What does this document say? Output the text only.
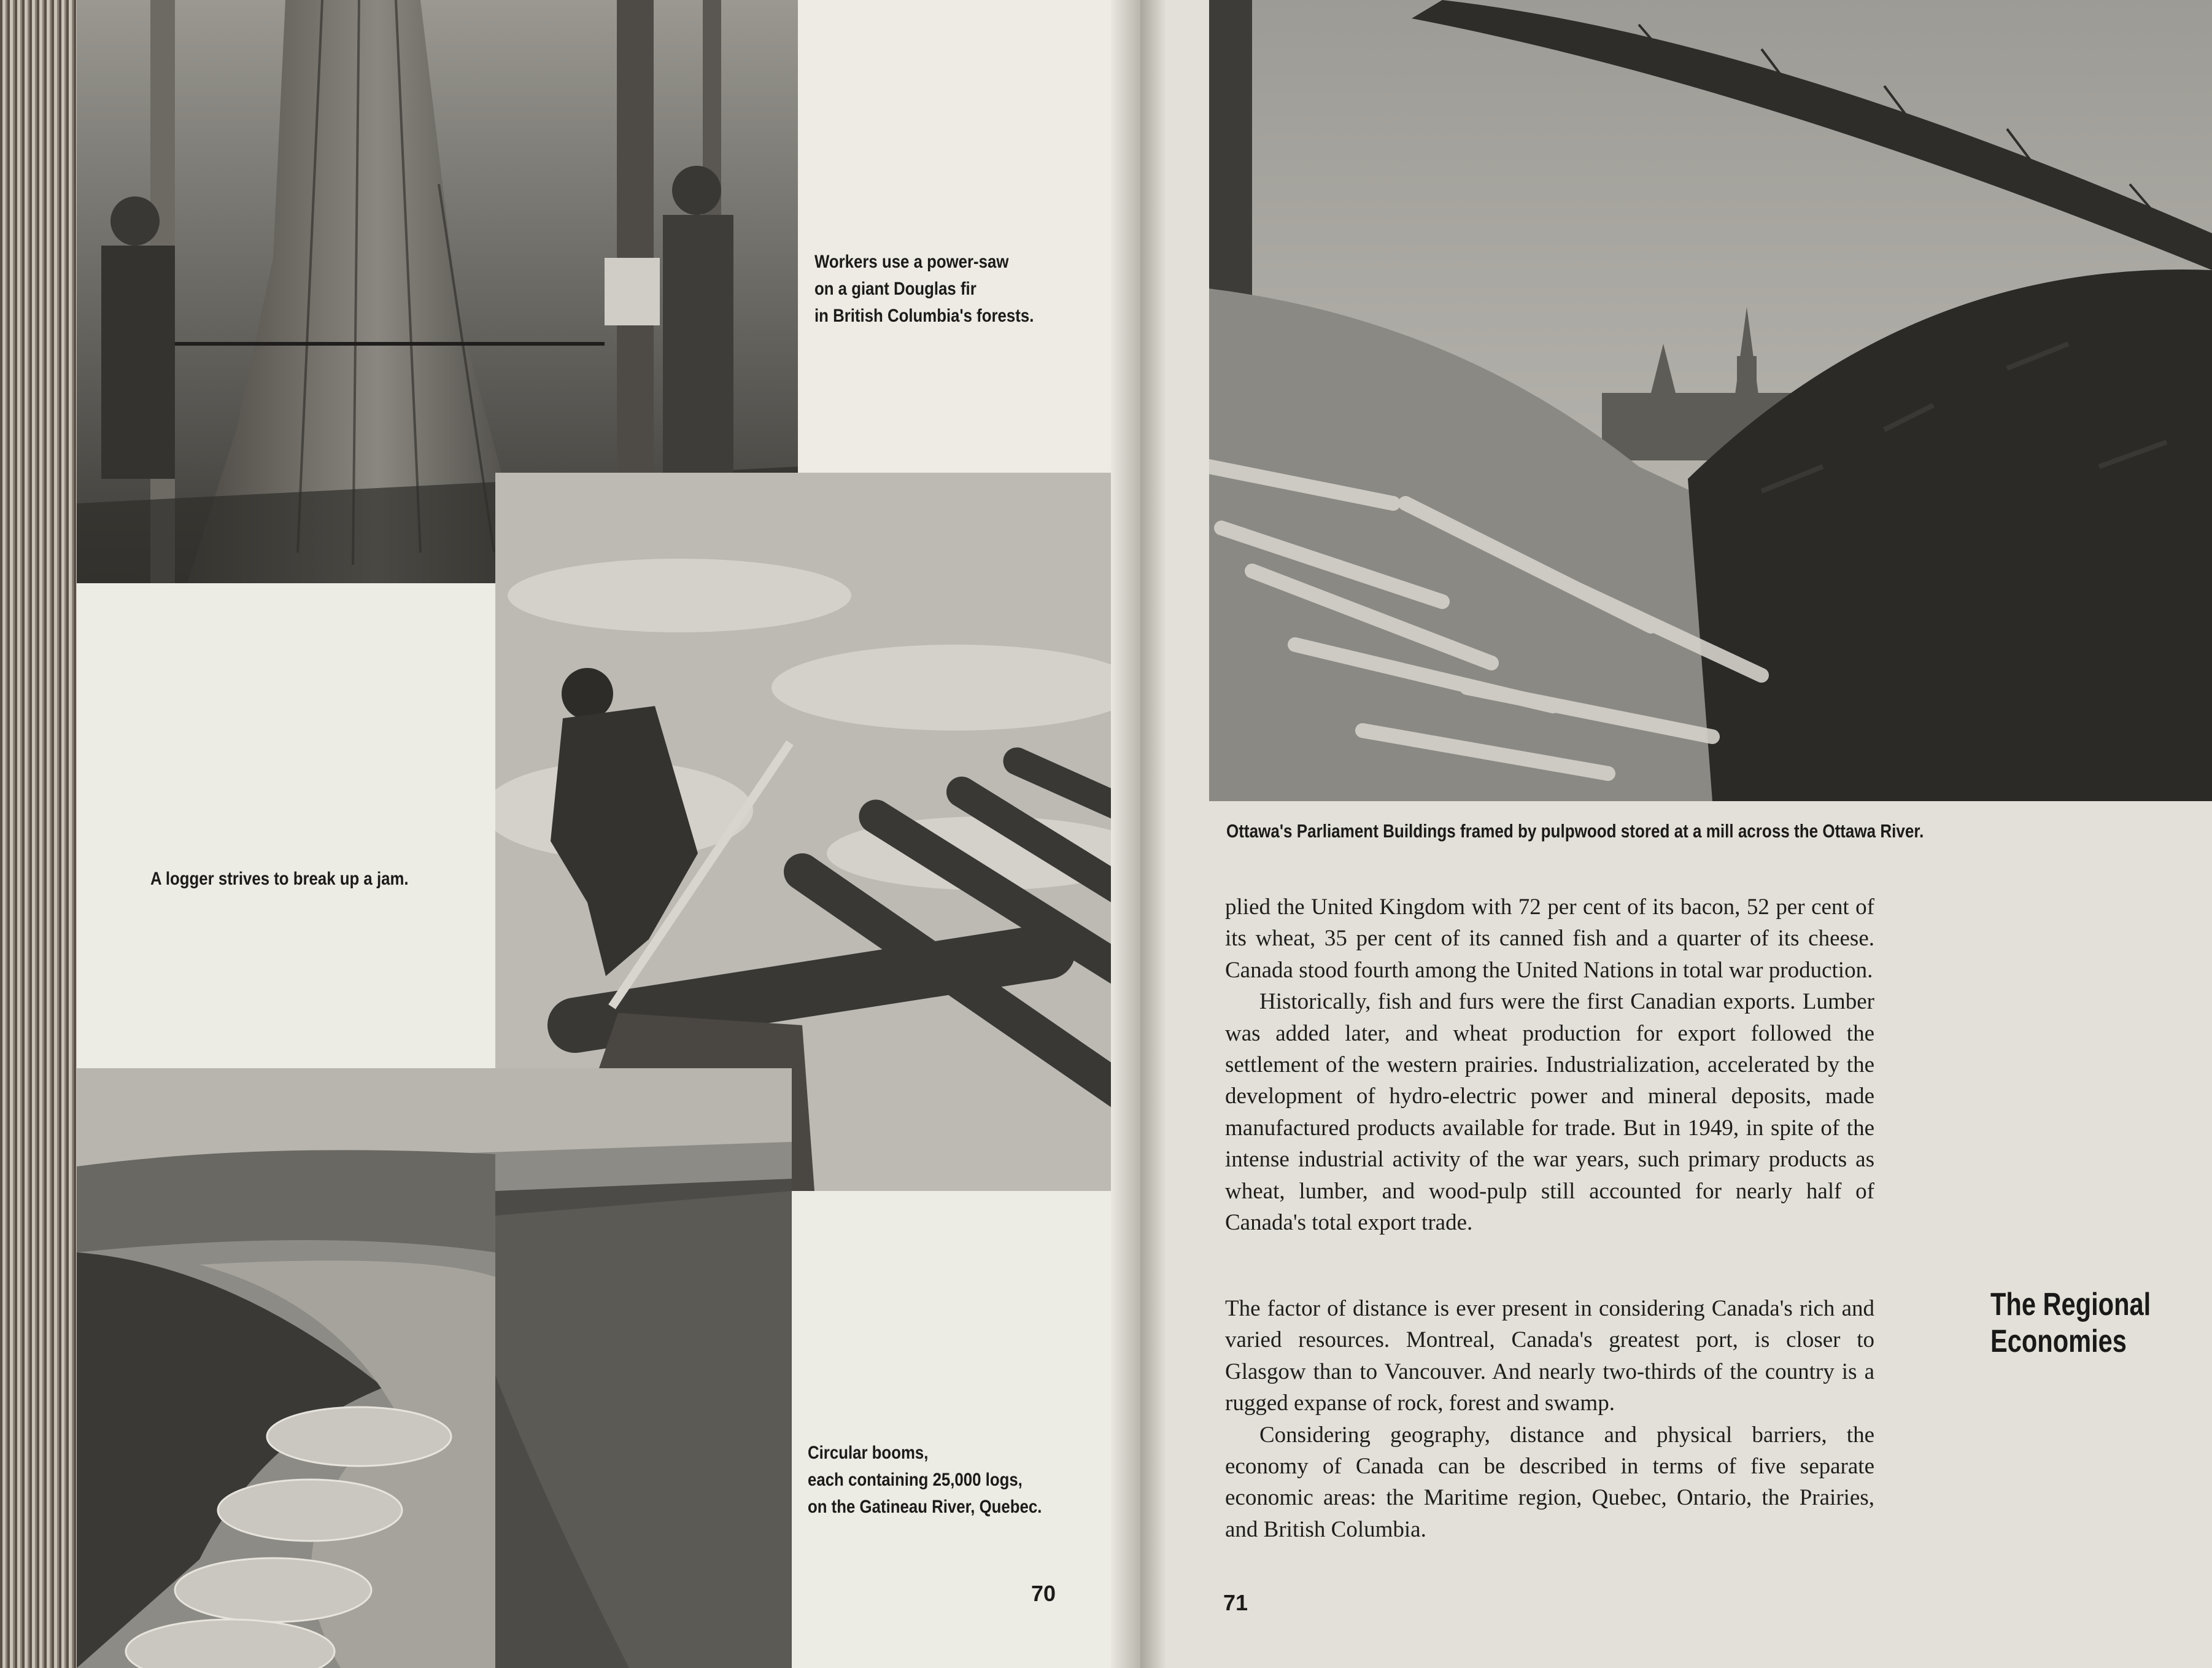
Workers use a power-saw
on a giant Douglas fir
in British Columbia's forests.
A logger strives to break up a jam.
Circular booms,
each containing 25,000 logs,
on the Gatineau River, Quebec.
70
Ottawa's Parliament Buildings framed by pulpwood stored at a mill across the Ottawa River.

plied the United Kingdom with 72 per cent of its bacon, 52 per cent of its wheat, 35 per cent of its canned fish and a quarter of its cheese. Canada stood fourth among the United Nations in total war production.

Historically, fish and furs were the first Canadian exports. Lumber was added later, and wheat production for export followed the settlement of the western prairies. Industrialization, accelerated by the development of hydro-electric power and mineral deposits, made manufactured products available for trade. But in 1949, in spite of the intense industrial activity of the war years, such primary products as wheat, lumber, and wood-pulp still accounted for nearly half of Canada's total export trade.

The factor of distance is ever present in considering Canada's rich and varied resources. Montreal, Canada's greatest port, is closer to Glasgow than to Vancouver. And nearly two-thirds of the country is a rugged expanse of rock, forest and swamp.

Considering geography, distance and physical barriers, the economy of Canada can be described in terms of five separate economic areas: the Maritime region, Quebec, Ontario, the Prairies, and British Columbia.

The Regional
Economies
71
